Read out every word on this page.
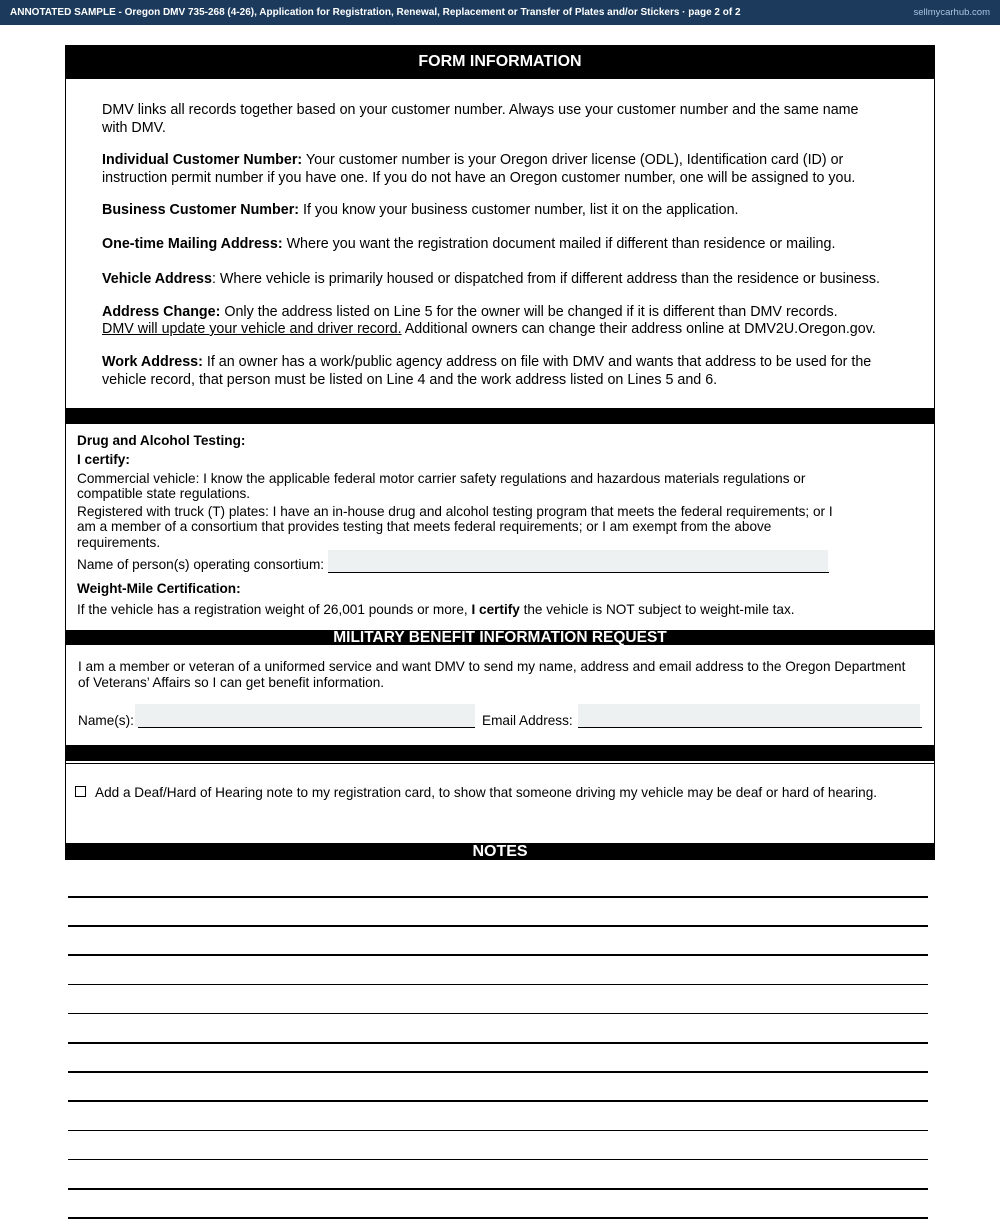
ANNOTATED SAMPLE - Oregon DMV 735-268 (4-26), Application for Registration, Renewal, Replacement or Transfer of Plates and/or Stickers · page 2 of 2	sellmycarhub.com
FORM INFORMATION
DMV links all records together based on your customer number. Always use your customer number and the same name
with DMV.
Individual Customer Number: Your customer number is your Oregon driver license (ODL), Identification card (ID) or
instruction permit number if you have one. If you do not have an Oregon customer number, one will be assigned to you.
Business Customer Number: If you know your business customer number, list it on the application.
One-time Mailing Address: Where you want the registration document mailed if different than residence or mailing.
Vehicle Address: Where vehicle is primarily housed or dispatched from if different address than the residence or business.
Address Change: Only the address listed on Line 5 for the owner will be changed if it is different than DMV records.
DMV will update your vehicle and driver record. Additional owners can change their address online at DMV2U.Oregon.gov.
Work Address: If an owner has a work/public agency address on file with DMV and wants that address to be used for the
vehicle record, that person must be listed on Line 4 and the work address listed on Lines 5 and 6.
Drug and Alcohol Testing:
I certify:
Commercial vehicle: I know the applicable federal motor carrier safety regulations and hazardous materials regulations or
compatible state regulations.
Registered with truck (T) plates: I have an in-house drug and alcohol testing program that meets the federal requirements; or I
am a member of a consortium that provides testing that meets federal requirements; or I am exempt from the above
requirements.
Name of person(s) operating consortium:
Weight-Mile Certification:
If the vehicle has a registration weight of 26,001 pounds or more, I certify the vehicle is NOT subject to weight-mile tax.
MILITARY BENEFIT INFORMATION REQUEST
I am a member or veteran of a uniformed service and want DMV to send my name, address and email address to the Oregon Department
of Veterans’ Affairs so I can get benefit information.
Name(s):	Email Address:
Add a Deaf/Hard of Hearing note to my registration card, to show that someone driving my vehicle may be deaf or hard of hearing.
NOTES
